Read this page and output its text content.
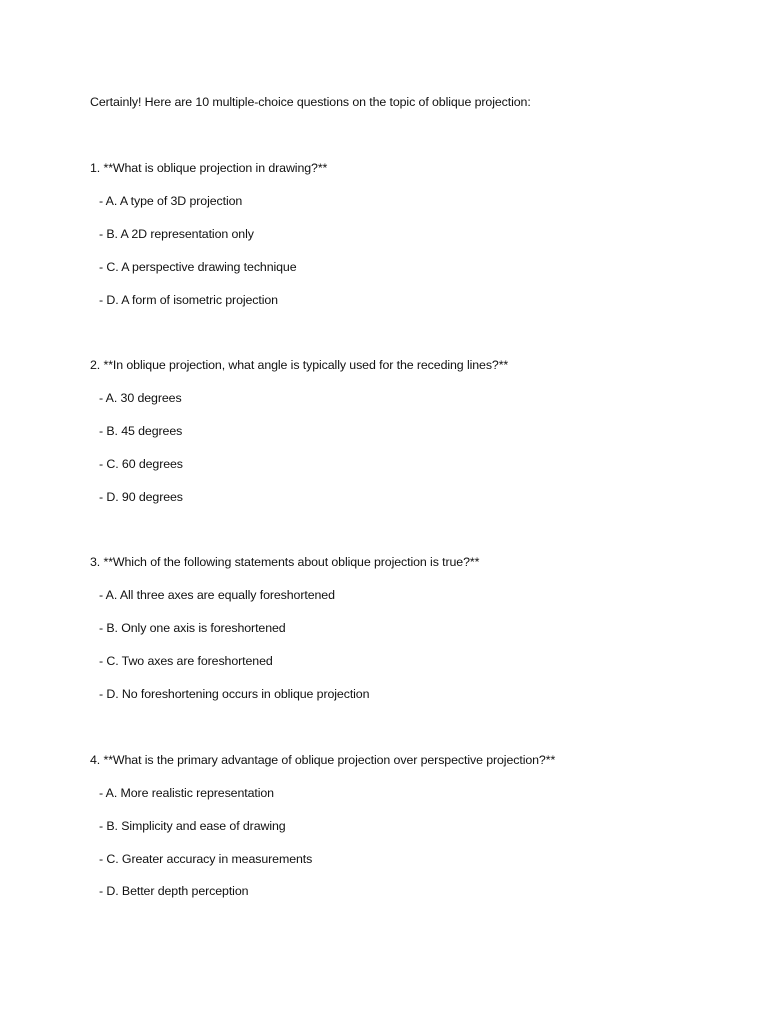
Certainly! Here are 10 multiple-choice questions on the topic of oblique projection:
1. **What is oblique projection in drawing?**
- A. A type of 3D projection
- B. A 2D representation only
- C. A perspective drawing technique
- D. A form of isometric projection
2. **In oblique projection, what angle is typically used for the receding lines?**
- A. 30 degrees
- B. 45 degrees
- C. 60 degrees
- D. 90 degrees
3. **Which of the following statements about oblique projection is true?**
- A. All three axes are equally foreshortened
- B. Only one axis is foreshortened
- C. Two axes are foreshortened
- D. No foreshortening occurs in oblique projection
4. **What is the primary advantage of oblique projection over perspective projection?**
- A. More realistic representation
- B. Simplicity and ease of drawing
- C. Greater accuracy in measurements
- D. Better depth perception
